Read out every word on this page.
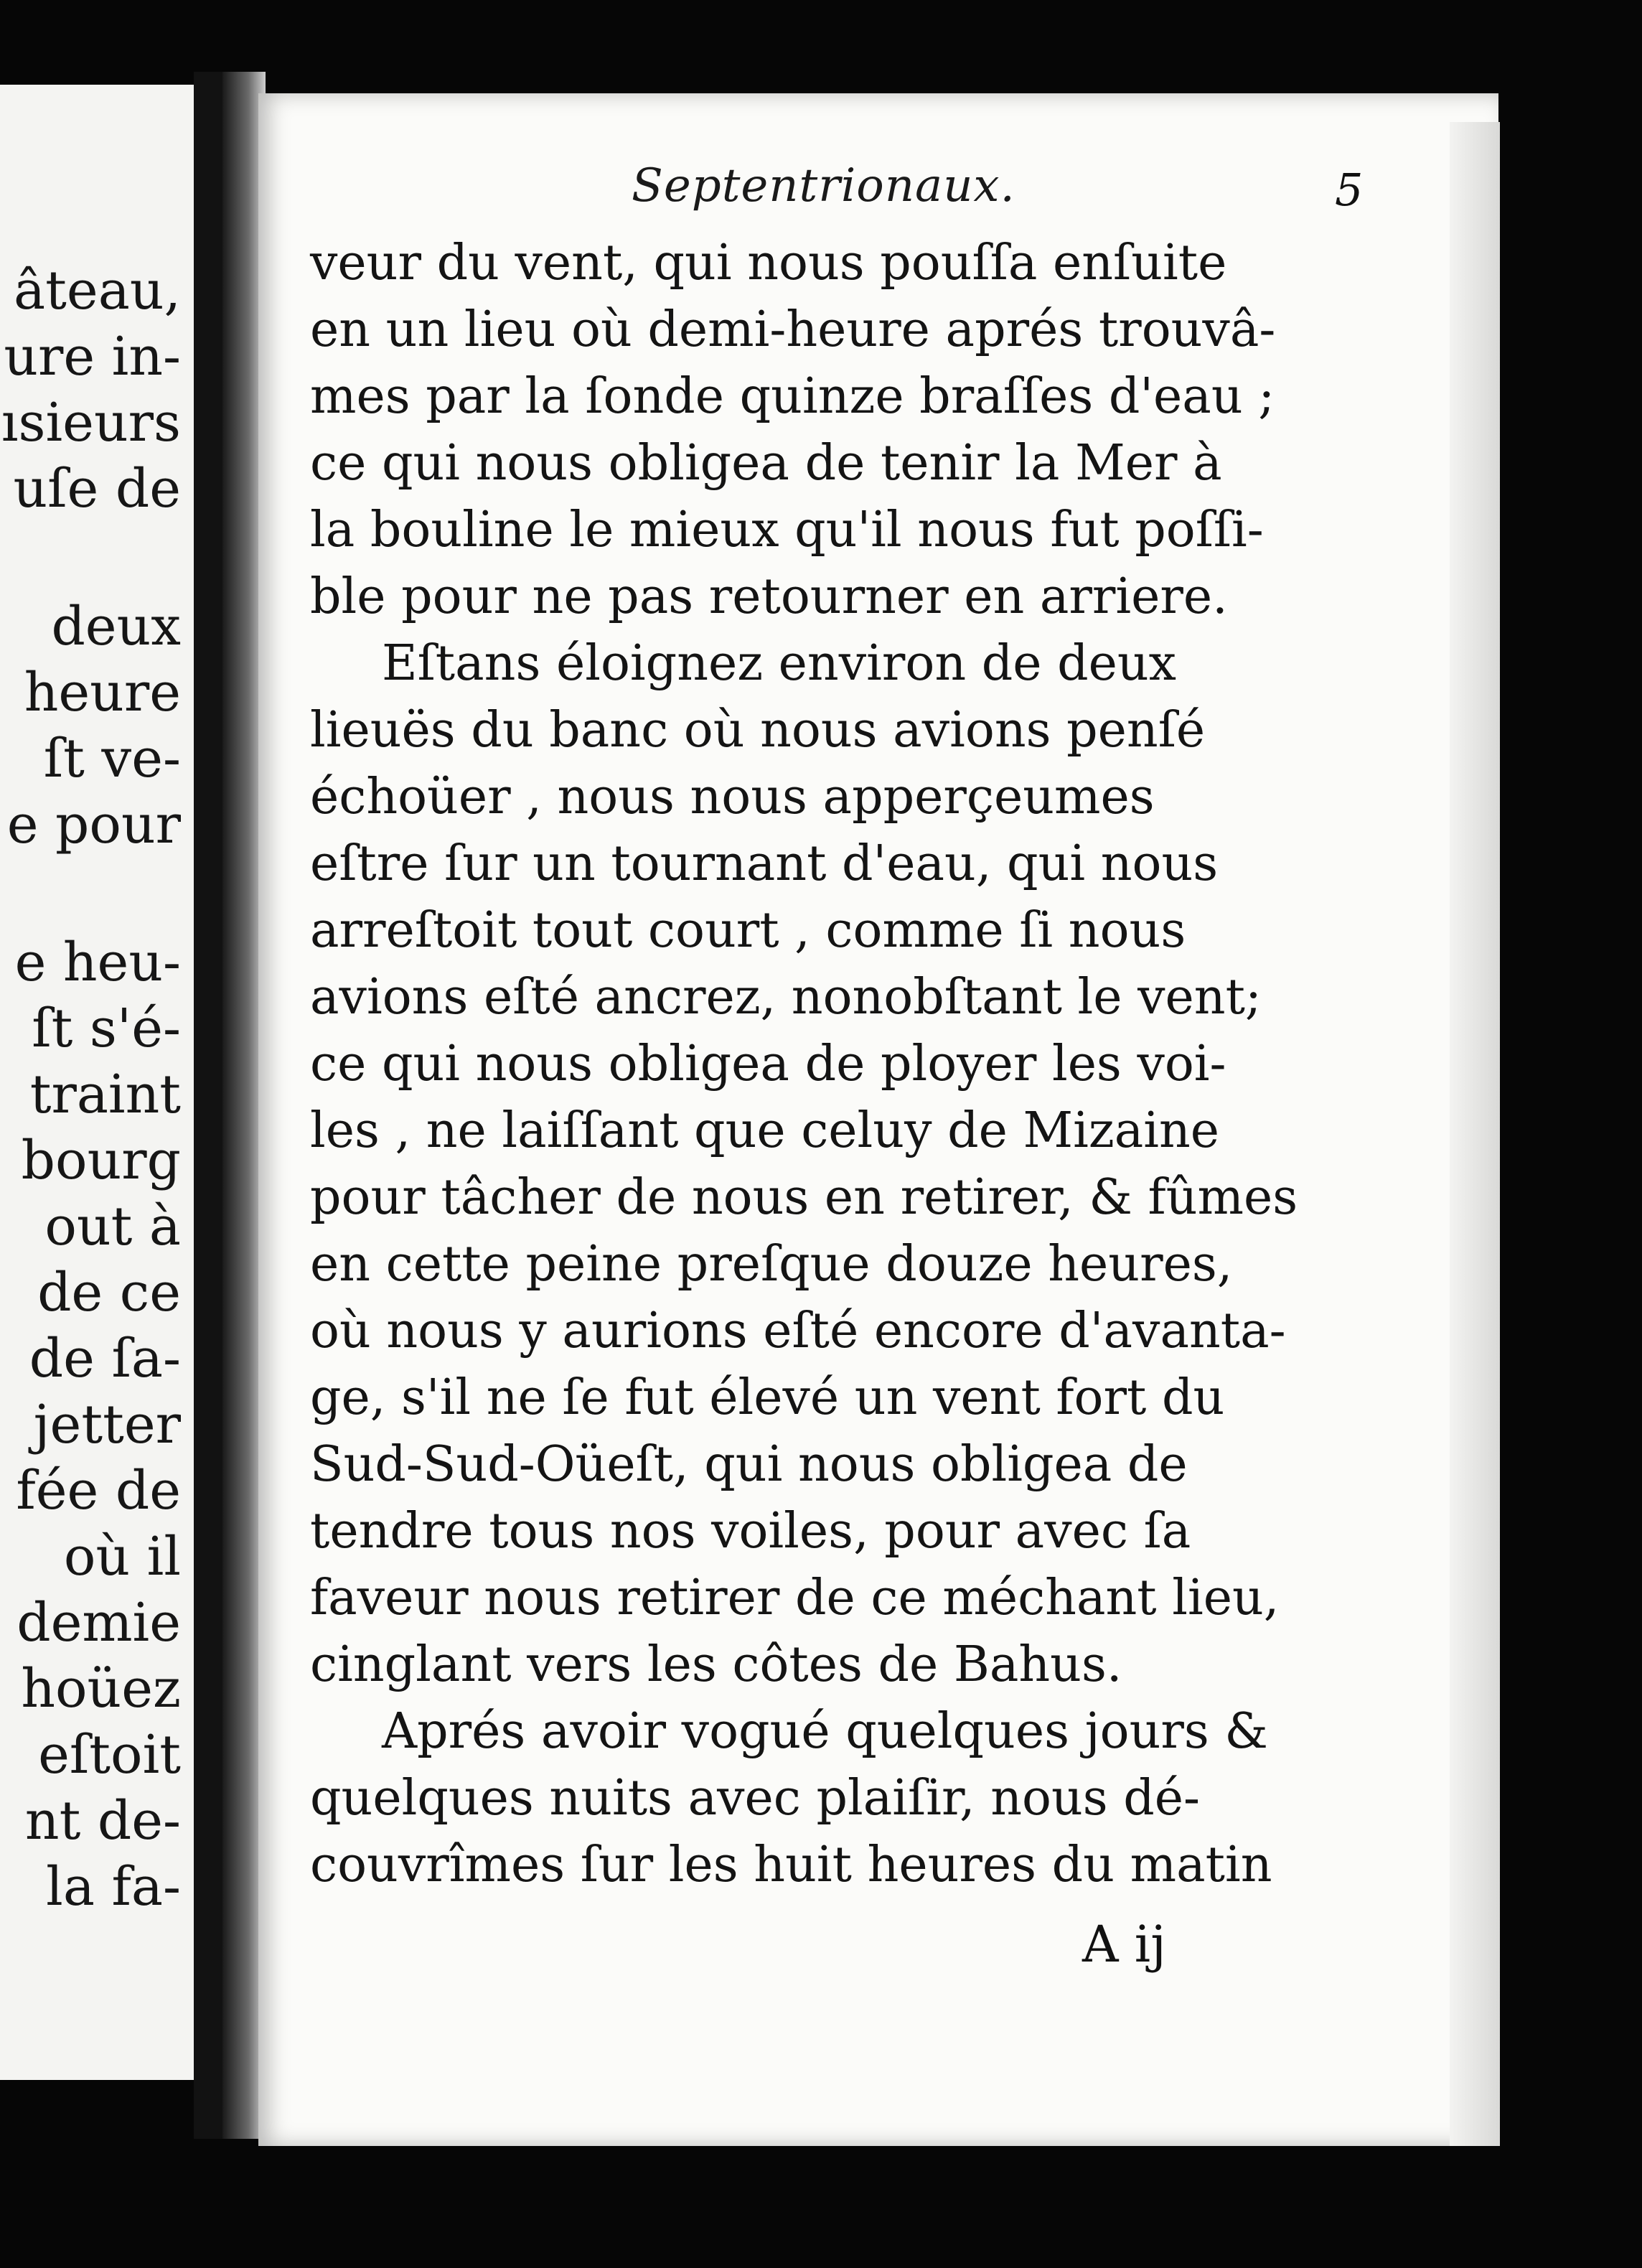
âteau,
ure in-
ısieurs
uſe de
deux
heure
ſt ve-
e pour
e heu-
ſt s'é-
traint
bourg
out à
de ce
de ſa-
jetter
fée de
où il
demie
hoüez
eſtoit
nt de-
la fa-
Septentrionaux.	5
veur du vent, qui nous pouſſa enſuite
en un lieu où demi-heure aprés trouvâ-
mes par la ſonde quinze braſſes d'eau ;
ce qui nous obligea de tenir la Mer à
la bouline le mieux qu'il nous fut poſſi-
ble pour ne pas retourner en arriere.
Eſtans éloignez environ de deux
lieuës du banc où nous avions penſé
échoüer , nous nous apperçeumes
eſtre ſur un tournant d'eau, qui nous
arreſtoit tout court , comme ſi nous
avions eſté ancrez, nonobſtant le vent;
ce qui nous obligea de ployer les voi-
les , ne laiſſant que celuy de Mizaine
pour tâcher de nous en retirer, & fûmes
en cette peine preſque douze heures,
où nous y aurions eſté encore d'avanta-
ge, s'il ne ſe fut élevé un vent fort du
Sud-Sud-Oüeſt, qui nous obligea de
tendre tous nos voiles, pour avec ſa
faveur nous retirer de ce méchant lieu,
cinglant vers les côtes de Bahus.
Aprés avoir vogué quelques jours &
quelques nuits avec plaiſir, nous dé-
couvrîmes ſur les huit heures du matin
A ij
